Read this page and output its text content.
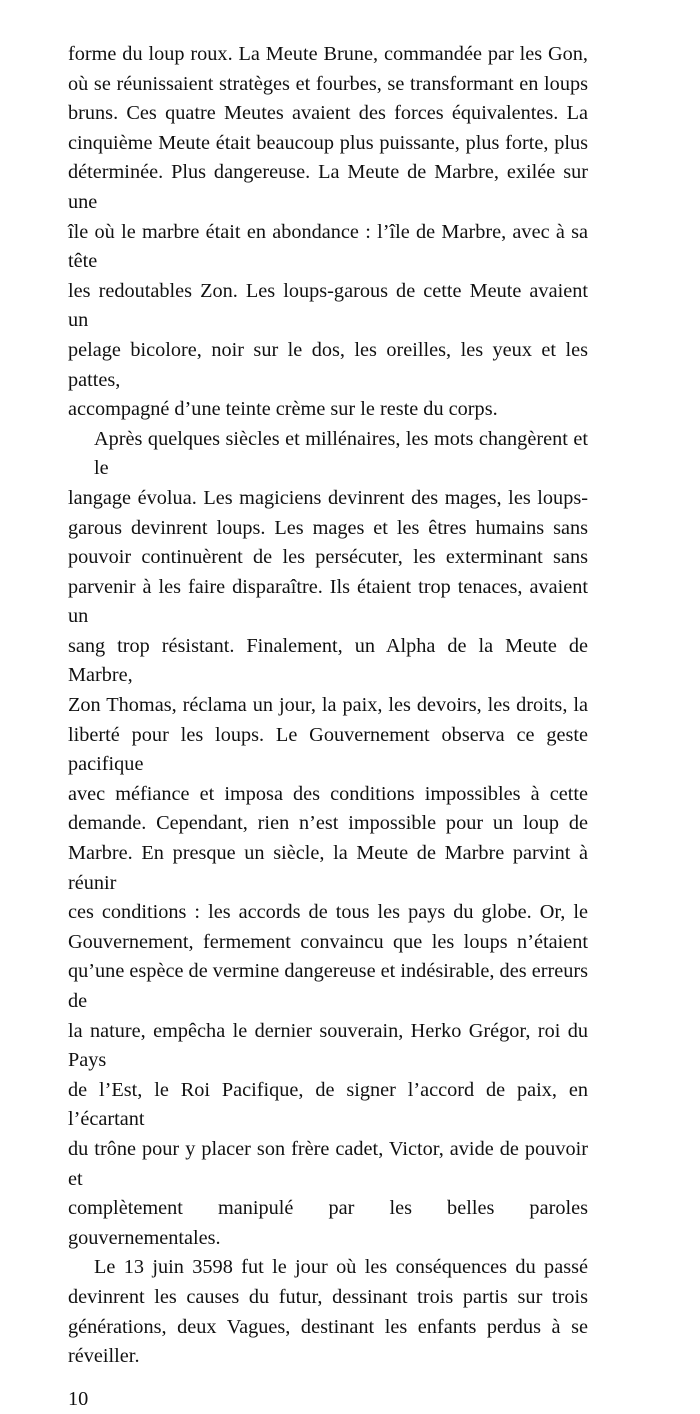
forme du loup roux. La Meute Brune, commandée par les Gon,
où se réunissaient stratèges et fourbes, se transformant en loups
bruns. Ces quatre Meutes avaient des forces équivalentes. La
cinquième Meute était beaucoup plus puissante, plus forte, plus
déterminée. Plus dangereuse. La Meute de Marbre, exilée sur une
île où le marbre était en abondance : l’île de Marbre, avec à sa tête
les redoutables Zon. Les loups-garous de cette Meute avaient un
pelage bicolore, noir sur le dos, les oreilles, les yeux et les pattes,
accompagné d’une teinte crème sur le reste du corps.
Après quelques siècles et millénaires, les mots changèrent et le
langage évolua. Les magiciens devinrent des mages, les loups-
garous devinrent loups. Les mages et les êtres humains sans
pouvoir continuèrent de les persécuter, les exterminant sans
parvenir à les faire disparaître. Ils étaient trop tenaces, avaient un
sang trop résistant. Finalement, un Alpha de la Meute de Marbre,
Zon Thomas, réclama un jour, la paix, les devoirs, les droits, la
liberté pour les loups. Le Gouvernement observa ce geste pacifique
avec méfiance et imposa des conditions impossibles à cette
demande. Cependant, rien n’est impossible pour un loup de
Marbre. En presque un siècle, la Meute de Marbre parvint à réunir
ces conditions : les accords de tous les pays du globe. Or, le
Gouvernement, fermement convaincu que les loups n’étaient
qu’une espèce de vermine dangereuse et indésirable, des erreurs de
la nature, empêcha le dernier souverain, Herko Grégor, roi du Pays
de l’Est, le Roi Pacifique, de signer l’accord de paix, en l’écartant
du trône pour y placer son frère cadet, Victor, avide de pouvoir et
complètement manipulé par les belles paroles gouvernementales.
Le 13 juin 3598 fut le jour où les conséquences du passé
devinrent les causes du futur, dessinant trois partis sur trois
générations, deux Vagues, destinant les enfants perdus à se
réveiller.
10
